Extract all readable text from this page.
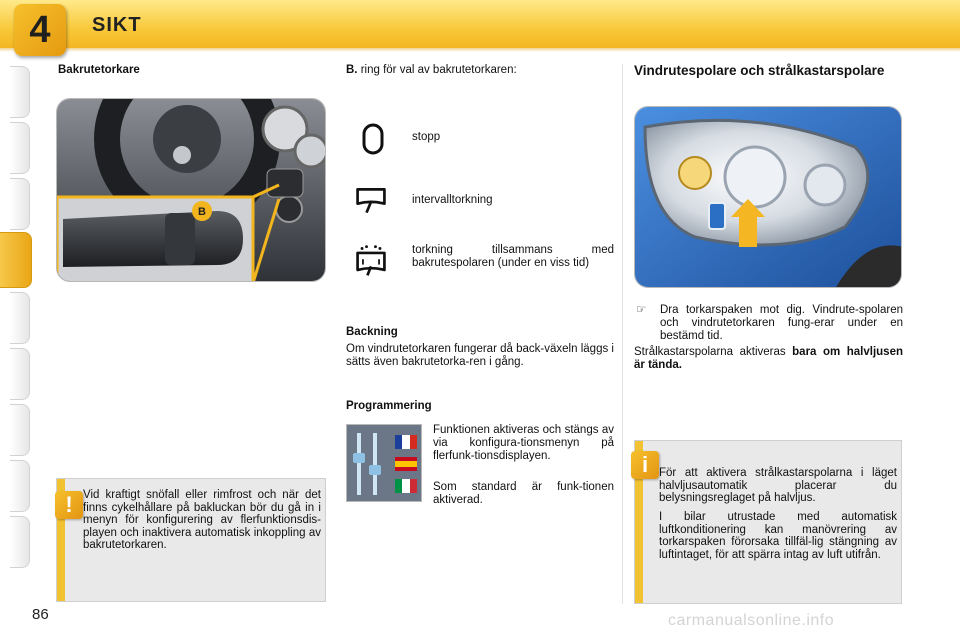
4	SIKT
Bakrutetorkare
B
! Vid kraftigt snöfall eller rimfrost och när det finns cykelhållare på bakluckan bör du gå in i menyn för konfigurering av flerfunktionsdis-playen och inaktivera automatisk inkoppling av bakrutetorkaren.
B. ring för val av bakrutetorkaren:
stopp
intervalltorkning
torkning tillsammans med bakrutespolaren (under en viss tid)
Backning
Om vindrutetorkaren fungerar då back-växeln läggs i sätts även bakrutetorka-ren i gång.
Programmering
Funktionen aktiveras och stängs av via konfigura-tionsmenyn på flerfunk-tionsdisplayen.
Som standard är funk-tionen aktiverad.
Vindrutespolare och strålkastarspolare
☞	Dra torkarspaken mot dig. Vindrute-spolaren och vindrutetorkaren fung-erar under en bestämd tid.
Strålkastarspolarna aktiveras bara om halvljusen är tända.
i För att aktivera strålkastarspolarna i läget halvljusautomatik placerar du belysningsreglaget på halvljus.
I bilar utrustade med automatisk luftkonditionering kan manövrering av torkarspaken förorsaka tillfäl-lig stängning av luftintaget, för att spärra intag av luft utifrån.
86	carmanualsonline.info
